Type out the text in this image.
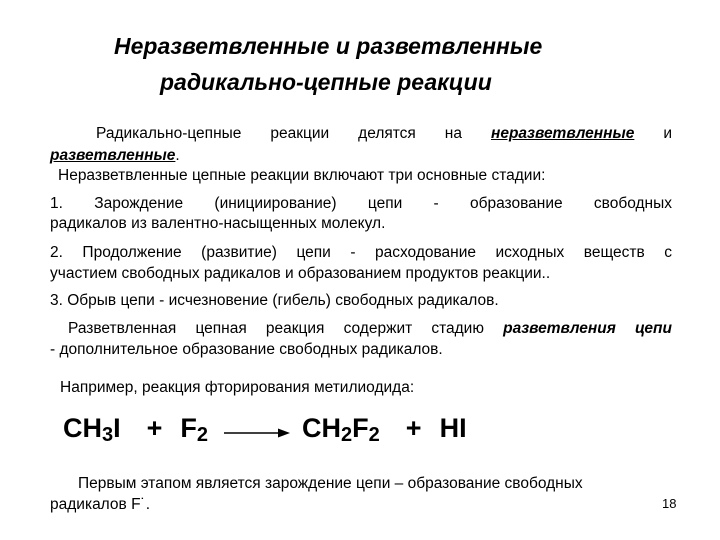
Неразветвленные и разветвленные
радикально-цепные реакции
Радикально-цепные реакции делятся на неразветвленные и
разветвленные.
Неразветвленные цепные реакции включают три основные стадии:
1. Зарождение (инициирование) цепи - образование свободных
радикалов из валентно-насыщенных молекул.
2. Продолжение (развитие) цепи - расходование исходных веществ с
участием свободных радикалов и образованием продуктов реакции..
3. Обрыв цепи - исчезновение (гибель) свободных радикалов.
Разветвленная цепная реакция содержит стадию разветвления цепи
- дополнительное образование свободных радикалов.
Например, реакция фторирования метилиодида:
$CH_3I + F_2 \to CH_2F_2$ + HI
Первым этапом является зарождение цепи – образование свободных
радикалов F˙.	18
